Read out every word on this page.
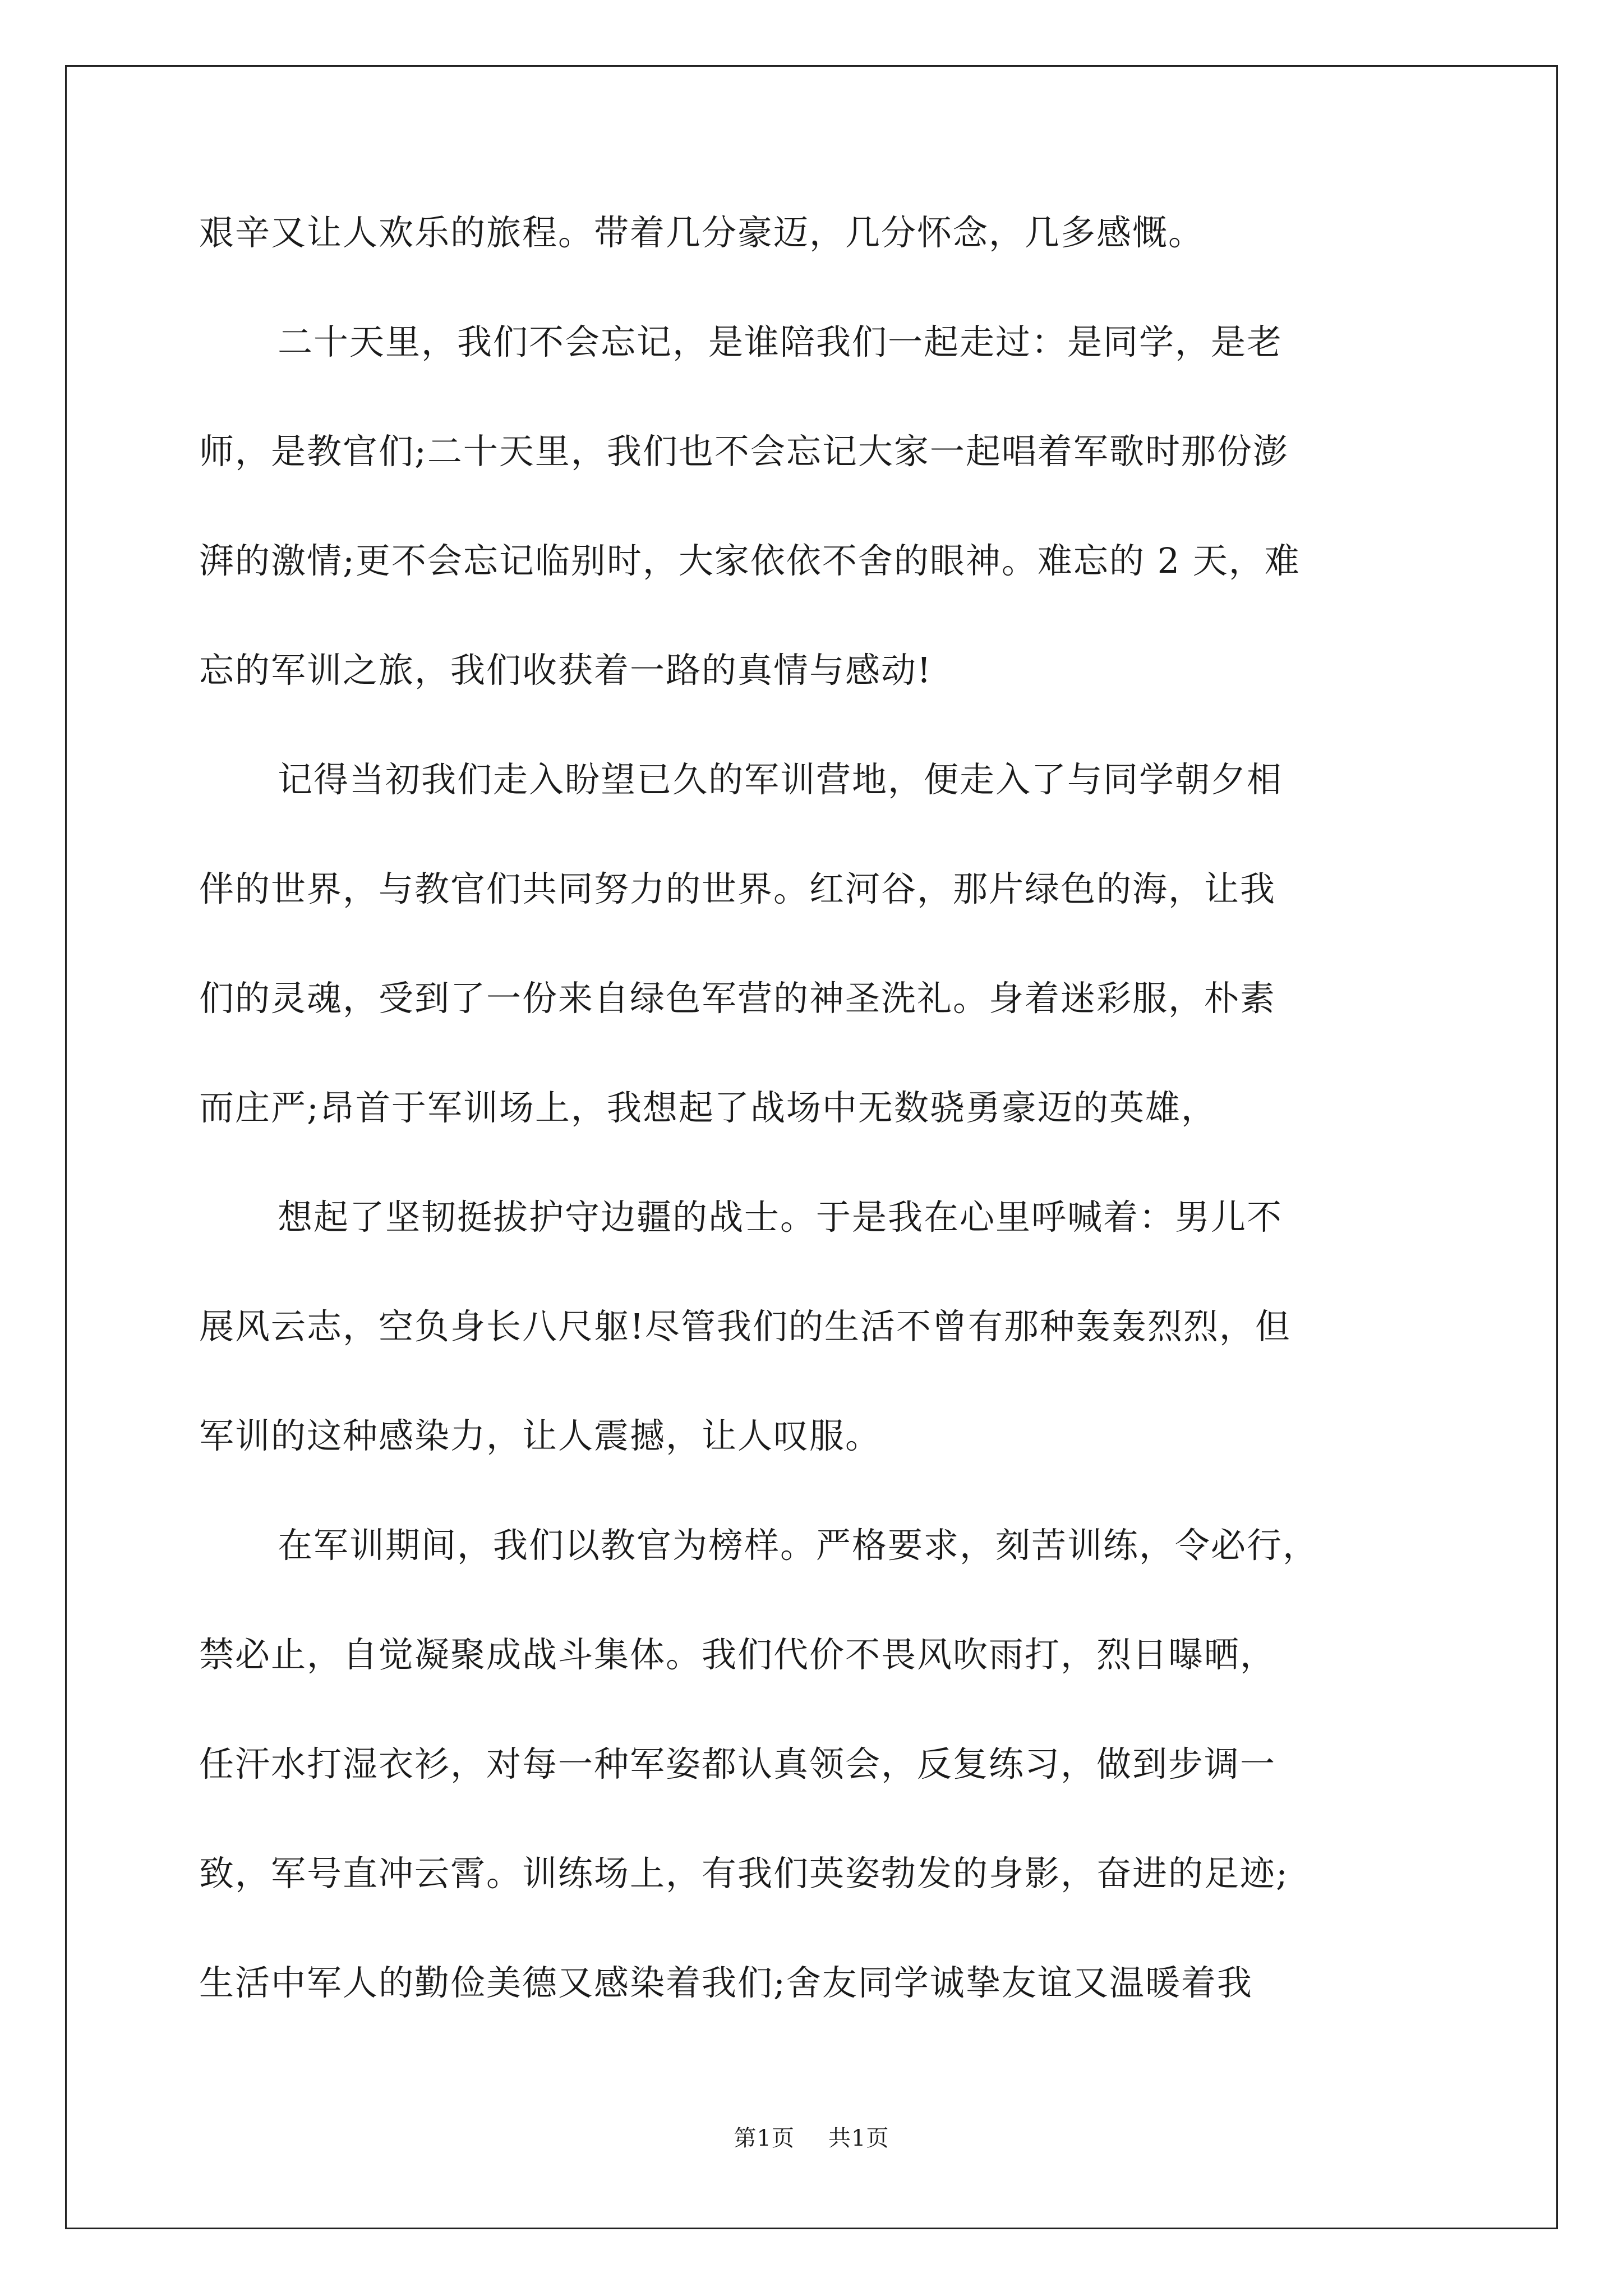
艰辛又让人欢乐的旅程。带着几分豪迈，几分怀念，几多感慨。
二十天里，我们不会忘记，是谁陪我们一起走过：是同学，是老
师，是教官们;二十天里，我们也不会忘记大家一起唱着军歌时那份澎
湃的激情;更不会忘记临别时，大家依依不舍的眼神。难忘的 2 天，难
忘的军训之旅，我们收获着一路的真情与感动!
记得当初我们走入盼望已久的军训营地，便走入了与同学朝夕相
伴的世界，与教官们共同努力的世界。红河谷，那片绿色的海，让我
们的灵魂，受到了一份来自绿色军营的神圣洗礼。身着迷彩服，朴素
而庄严;昂首于军训场上，我想起了战场中无数骁勇豪迈的英雄，
想起了坚韧挺拔护守边疆的战士。于是我在心里呼喊着：男儿不
展风云志，空负身长八尺躯!尽管我们的生活不曾有那种轰轰烈烈，但
军训的这种感染力，让人震撼，让人叹服。
在军训期间，我们以教官为榜样。严格要求，刻苦训练，令必行，
禁必止，自觉凝聚成战斗集体。我们代价不畏风吹雨打，烈日曝晒，
任汗水打湿衣衫，对每一种军姿都认真领会，反复练习，做到步调一
致，军号直冲云霄。训练场上，有我们英姿勃发的身影，奋进的足迹;
生活中军人的勤俭美德又感染着我们;舍友同学诚挚友谊又温暖着我
第1页 共1页
